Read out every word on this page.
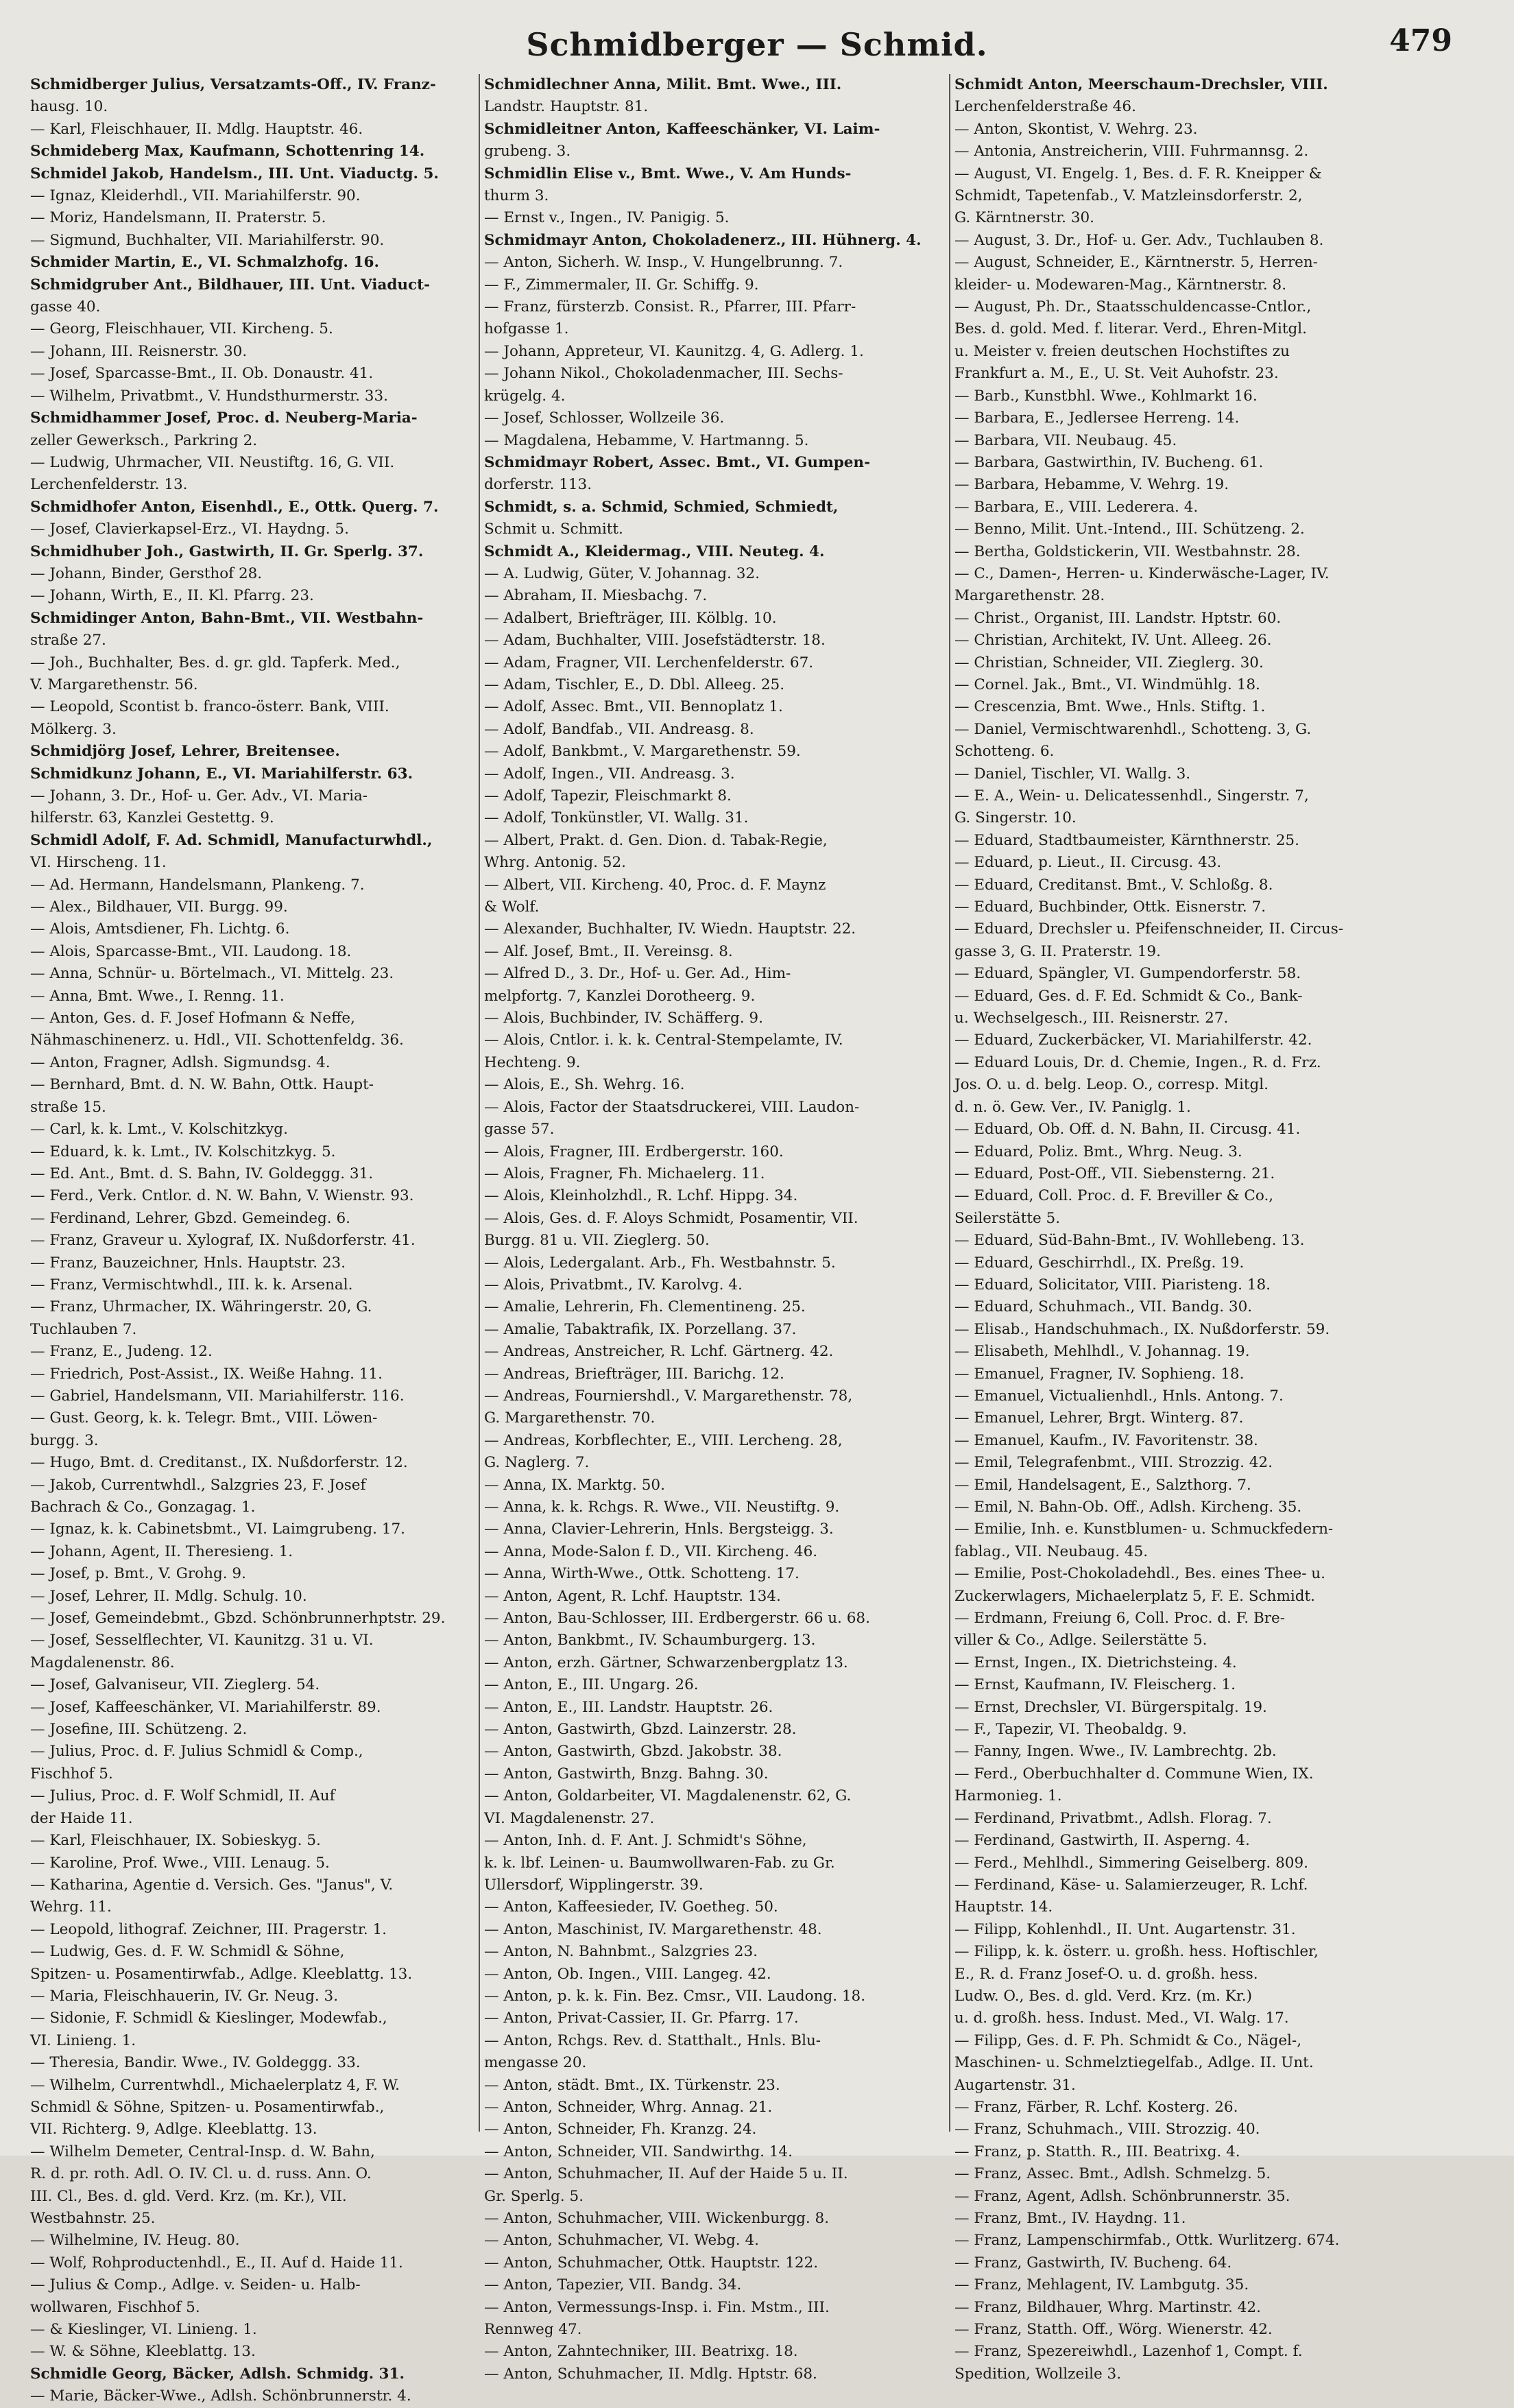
Schmidberger — Schmid.	479
Schmidberger Julius, Versatzamts-Off., IV. Franz-
hausg. 10.
— Karl, Fleischhauer, II. Mdlg. Hauptstr. 46.
Schmideberg Max, Kaufmann, Schottenring 14.
Schmidel Jakob, Handelsm., III. Unt. Viaductg. 5.
— Ignaz, Kleiderhdl., VII. Mariahilferstr. 90.
— Moriz, Handelsmann, II. Praterstr. 5.
— Sigmund, Buchhalter, VII. Mariahilferstr. 90.
Schmider Martin, E., VI. Schmalzhofg. 16.
Schmidgruber Ant., Bildhauer, III. Unt. Viaduct-
gasse 40.
— Georg, Fleischhauer, VII. Kircheng. 5.
— Johann, III. Reisnerstr. 30.
— Josef, Sparcasse-Bmt., II. Ob. Donaustr. 41.
— Wilhelm, Privatbmt., V. Hundsthurmerstr. 33.
Schmidhammer Josef, Proc. d. Neuberg-Maria-
zeller Gewerksch., Parkring 2.
— Ludwig, Uhrmacher, VII. Neustiftg. 16, G. VII.
Lerchenfelderstr. 13.
Schmidhofer Anton, Eisenhdl., E., Ottk. Querg. 7.
— Josef, Clavierkapsel-Erz., VI. Haydng. 5.
Schmidhuber Joh., Gastwirth, II. Gr. Sperlg. 37.
— Johann, Binder, Gersthof 28.
— Johann, Wirth, E., II. Kl. Pfarrg. 23.
Schmidinger Anton, Bahn-Bmt., VII. Westbahn-
straße 27.
— Joh., Buchhalter, Bes. d. gr. gld. Tapferk. Med.,
V. Margarethenstr. 56.
— Leopold, Scontist b. franco-österr. Bank, VIII.
Mölkerg. 3.
Schmidjörg Josef, Lehrer, Breitensee.
Schmidkunz Johann, E., VI. Mariahilferstr. 63.
— Johann, 3. Dr., Hof- u. Ger. Adv., VI. Maria-
hilferstr. 63, Kanzlei Gestettg. 9.
Schmidl Adolf, F. Ad. Schmidl, Manufacturwhdl.,
VI. Hirscheng. 11.
— Ad. Hermann, Handelsmann, Plankeng. 7.
— Alex., Bildhauer, VII. Burgg. 99.
— Alois, Amtsdiener, Fh. Lichtg. 6.
— Alois, Sparcasse-Bmt., VII. Laudong. 18.
— Anna, Schnür- u. Börtelmach., VI. Mittelg. 23.
— Anna, Bmt. Wwe., I. Renng. 11.
— Anton, Ges. d. F. Josef Hofmann & Neffe,
Nähmaschinenerz. u. Hdl., VII. Schottenfeldg. 36.
— Anton, Fragner, Adlsh. Sigmundsg. 4.
— Bernhard, Bmt. d. N. W. Bahn, Ottk. Haupt-
straße 15.
— Carl, k. k. Lmt., V. Kolschitzkyg.
— Eduard, k. k. Lmt., IV. Kolschitzkyg. 5.
— Ed. Ant., Bmt. d. S. Bahn, IV. Goldeggg. 31.
— Ferd., Verk. Cntlor. d. N. W. Bahn, V. Wienstr. 93.
— Ferdinand, Lehrer, Gbzd. Gemeindeg. 6.
— Franz, Graveur u. Xylograf, IX. Nußdorferstr. 41.
— Franz, Bauzeichner, Hnls. Hauptstr. 23.
— Franz, Vermischtwhdl., III. k. k. Arsenal.
— Franz, Uhrmacher, IX. Währingerstr. 20, G.
Tuchlauben 7.
— Franz, E., Judeng. 12.
— Friedrich, Post-Assist., IX. Weiße Hahng. 11.
— Gabriel, Handelsmann, VII. Mariahilferstr. 116.
— Gust. Georg, k. k. Telegr. Bmt., VIII. Löwen-
burgg. 3.
— Hugo, Bmt. d. Creditanst., IX. Nußdorferstr. 12.
— Jakob, Currentwhdl., Salzgries 23, F. Josef
Bachrach & Co., Gonzagag. 1.
— Ignaz, k. k. Cabinetsbmt., VI. Laimgrubeng. 17.
— Johann, Agent, II. Theresieng. 1.
— Josef, p. Bmt., V. Grohg. 9.
— Josef, Lehrer, II. Mdlg. Schulg. 10.
— Josef, Gemeindebmt., Gbzd. Schönbrunnerhptstr. 29.
— Josef, Sesselflechter, VI. Kaunitzg. 31 u. VI.
Magdalenenstr. 86.
— Josef, Galvaniseur, VII. Zieglerg. 54.
— Josef, Kaffeeschänker, VI. Mariahilferstr. 89.
— Josefine, III. Schützeng. 2.
— Julius, Proc. d. F. Julius Schmidl & Comp.,
Fischhof 5.
— Julius, Proc. d. F. Wolf Schmidl, II. Auf
der Haide 11.
— Karl, Fleischhauer, IX. Sobieskyg. 5.
— Karoline, Prof. Wwe., VIII. Lenaug. 5.
— Katharina, Agentie d. Versich. Ges. "Janus", V.
Wehrg. 11.
— Leopold, lithograf. Zeichner, III. Pragerstr. 1.
— Ludwig, Ges. d. F. W. Schmidl & Söhne,
Spitzen- u. Posamentirwfab., Adlge. Kleeblattg. 13.
— Maria, Fleischhauerin, IV. Gr. Neug. 3.
— Sidonie, F. Schmidl & Kieslinger, Modewfab.,
VI. Linieng. 1.
— Theresia, Bandir. Wwe., IV. Goldeggg. 33.
— Wilhelm, Currentwhdl., Michaelerplatz 4, F. W.
Schmidl & Söhne, Spitzen- u. Posamentirwfab.,
VII. Richterg. 9, Adlge. Kleeblattg. 13.
— Wilhelm Demeter, Central-Insp. d. W. Bahn,
R. d. pr. roth. Adl. O. IV. Cl. u. d. russ. Ann. O.
III. Cl., Bes. d. gld. Verd. Krz. (m. Kr.), VII.
Westbahnstr. 25.
— Wilhelmine, IV. Heug. 80.
— Wolf, Rohproductenhdl., E., II. Auf d. Haide 11.
— Julius & Comp., Adlge. v. Seiden- u. Halb-
wollwaren, Fischhof 5.
— & Kieslinger, VI. Linieng. 1.
— W. & Söhne, Kleeblattg. 13.
Schmidle Georg, Bäcker, Adlsh. Schmidg. 31.
— Marie, Bäcker-Wwe., Adlsh. Schönbrunnerstr. 4.
Schmidlechner Anna, Milit. Bmt. Wwe., III.
Landstr. Hauptstr. 81.
Schmidleitner Anton, Kaffeeschänker, VI. Laim-
grubeng. 3.
Schmidlin Elise v., Bmt. Wwe., V. Am Hunds-
thurm 3.
— Ernst v., Ingen., IV. Panigig. 5.
Schmidmayr Anton, Chokoladenerz., III. Hühnerg. 4.
— Anton, Sicherh. W. Insp., V. Hungelbrunng. 7.
— F., Zimmermaler, II. Gr. Schiffg. 9.
— Franz, fürsterzb. Consist. R., Pfarrer, III. Pfarr-
hofgasse 1.
— Johann, Appreteur, VI. Kaunitzg. 4, G. Adlerg. 1.
— Johann Nikol., Chokoladenmacher, III. Sechs-
krügelg. 4.
— Josef, Schlosser, Wollzeile 36.
— Magdalena, Hebamme, V. Hartmanng. 5.
Schmidmayr Robert, Assec. Bmt., VI. Gumpen-
dorferstr. 113.
Schmidt, s. a. Schmid, Schmied, Schmiedt,
Schmit u. Schmitt.
Schmidt A., Kleidermag., VIII. Neuteg. 4.
— A. Ludwig, Güter, V. Johannag. 32.
— Abraham, II. Miesbachg. 7.
— Adalbert, Briefträger, III. Kölblg. 10.
— Adam, Buchhalter, VIII. Josefstädterstr. 18.
— Adam, Fragner, VII. Lerchenfelderstr. 67.
— Adam, Tischler, E., D. Dbl. Alleeg. 25.
— Adolf, Assec. Bmt., VII. Bennoplatz 1.
— Adolf, Bandfab., VII. Andreasg. 8.
— Adolf, Bankbmt., V. Margarethenstr. 59.
— Adolf, Ingen., VII. Andreasg. 3.
— Adolf, Tapezir, Fleischmarkt 8.
— Adolf, Tonkünstler, VI. Wallg. 31.
— Albert, Prakt. d. Gen. Dion. d. Tabak-Regie,
Whrg. Antonig. 52.
— Albert, VII. Kircheng. 40, Proc. d. F. Maynz
& Wolf.
— Alexander, Buchhalter, IV. Wiedn. Hauptstr. 22.
— Alf. Josef, Bmt., II. Vereinsg. 8.
— Alfred D., 3. Dr., Hof- u. Ger. Ad., Him-
melpfortg. 7, Kanzlei Dorotheerg. 9.
— Alois, Buchbinder, IV. Schäfferg. 9.
— Alois, Cntlor. i. k. k. Central-Stempelamte, IV.
Hechteng. 9.
— Alois, E., Sh. Wehrg. 16.
— Alois, Factor der Staatsdruckerei, VIII. Laudon-
gasse 57.
— Alois, Fragner, III. Erdbergerstr. 160.
— Alois, Fragner, Fh. Michaelerg. 11.
— Alois, Kleinholzhdl., R. Lchf. Hippg. 34.
— Alois, Ges. d. F. Aloys Schmidt, Posamentir, VII.
Burgg. 81 u. VII. Zieglerg. 50.
— Alois, Ledergalant. Arb., Fh. Westbahnstr. 5.
— Alois, Privatbmt., IV. Karolvg. 4.
— Amalie, Lehrerin, Fh. Clementineng. 25.
— Amalie, Tabaktrafik, IX. Porzellang. 37.
— Andreas, Anstreicher, R. Lchf. Gärtnerg. 42.
— Andreas, Briefträger, III. Barichg. 12.
— Andreas, Fourniershdl., V. Margarethenstr. 78,
G. Margarethenstr. 70.
— Andreas, Korbflechter, E., VIII. Lercheng. 28,
G. Naglerg. 7.
— Anna, IX. Marktg. 50.
— Anna, k. k. Rchgs. R. Wwe., VII. Neustiftg. 9.
— Anna, Clavier-Lehrerin, Hnls. Bergsteigg. 3.
— Anna, Mode-Salon f. D., VII. Kircheng. 46.
— Anna, Wirth-Wwe., Ottk. Schotteng. 17.
— Anton, Agent, R. Lchf. Hauptstr. 134.
— Anton, Bau-Schlosser, III. Erdbergerstr. 66 u. 68.
— Anton, Bankbmt., IV. Schaumburgerg. 13.
— Anton, erzh. Gärtner, Schwarzenbergplatz 13.
— Anton, E., III. Ungarg. 26.
— Anton, E., III. Landstr. Hauptstr. 26.
— Anton, Gastwirth, Gbzd. Lainzerstr. 28.
— Anton, Gastwirth, Gbzd. Jakobstr. 38.
— Anton, Gastwirth, Bnzg. Bahng. 30.
— Anton, Goldarbeiter, VI. Magdalenenstr. 62, G.
VI. Magdalenenstr. 27.
— Anton, Inh. d. F. Ant. J. Schmidt's Söhne,
k. k. lbf. Leinen- u. Baumwollwaren-Fab. zu Gr.
Ullersdorf, Wipplingerstr. 39.
— Anton, Kaffeesieder, IV. Goetheg. 50.
— Anton, Maschinist, IV. Margarethenstr. 48.
— Anton, N. Bahnbmt., Salzgries 23.
— Anton, Ob. Ingen., VIII. Langeg. 42.
— Anton, p. k. k. Fin. Bez. Cmsr., VII. Laudong. 18.
— Anton, Privat-Cassier, II. Gr. Pfarrg. 17.
— Anton, Rchgs. Rev. d. Statthalt., Hnls. Blu-
mengasse 20.
— Anton, städt. Bmt., IX. Türkenstr. 23.
— Anton, Schneider, Whrg. Annag. 21.
— Anton, Schneider, Fh. Kranzg. 24.
— Anton, Schneider, VII. Sandwirthg. 14.
— Anton, Schuhmacher, II. Auf der Haide 5 u. II.
Gr. Sperlg. 5.
— Anton, Schuhmacher, VIII. Wickenburgg. 8.
— Anton, Schuhmacher, VI. Webg. 4.
— Anton, Schuhmacher, Ottk. Hauptstr. 122.
— Anton, Tapezier, VII. Bandg. 34.
— Anton, Vermessungs-Insp. i. Fin. Mstm., III.
Rennweg 47.
— Anton, Zahntechniker, III. Beatrixg. 18.
— Anton, Schuhmacher, II. Mdlg. Hptstr. 68.
Schmidt Anton, Meerschaum-Drechsler, VIII.
Lerchenfelderstraße 46.
— Anton, Skontist, V. Wehrg. 23.
— Antonia, Anstreicherin, VIII. Fuhrmannsg. 2.
— August, VI. Engelg. 1, Bes. d. F. R. Kneipper &
Schmidt, Tapetenfab., V. Matzleinsdorferstr. 2,
G. Kärntnerstr. 30.
— August, 3. Dr., Hof- u. Ger. Adv., Tuchlauben 8.
— August, Schneider, E., Kärntnerstr. 5, Herren-
kleider- u. Modewaren-Mag., Kärntnerstr. 8.
— August, Ph. Dr., Staatsschuldencasse-Cntlor.,
Bes. d. gold. Med. f. literar. Verd., Ehren-Mitgl.
u. Meister v. freien deutschen Hochstiftes zu
Frankfurt a. M., E., U. St. Veit Auhofstr. 23.
— Barb., Kunstbhl. Wwe., Kohlmarkt 16.
— Barbara, E., Jedlersee Herreng. 14.
— Barbara, VII. Neubaug. 45.
— Barbara, Gastwirthin, IV. Bucheng. 61.
— Barbara, Hebamme, V. Wehrg. 19.
— Barbara, E., VIII. Lederera. 4.
— Benno, Milit. Unt.-Intend., III. Schützeng. 2.
— Bertha, Goldstickerin, VII. Westbahnstr. 28.
— C., Damen-, Herren- u. Kinderwäsche-Lager, IV.
Margarethenstr. 28.
— Christ., Organist, III. Landstr. Hptstr. 60.
— Christian, Architekt, IV. Unt. Alleeg. 26.
— Christian, Schneider, VII. Zieglerg. 30.
— Cornel. Jak., Bmt., VI. Windmühlg. 18.
— Crescenzia, Bmt. Wwe., Hnls. Stiftg. 1.
— Daniel, Vermischtwarenhdl., Schotteng. 3, G.
Schotteng. 6.
— Daniel, Tischler, VI. Wallg. 3.
— E. A., Wein- u. Delicatessenhdl., Singerstr. 7,
G. Singerstr. 10.
— Eduard, Stadtbaumeister, Kärnthnerstr. 25.
— Eduard, p. Lieut., II. Circusg. 43.
— Eduard, Creditanst. Bmt., V. Schloßg. 8.
— Eduard, Buchbinder, Ottk. Eisnerstr. 7.
— Eduard, Drechsler u. Pfeifenschneider, II. Circus-
gasse 3, G. II. Praterstr. 19.
— Eduard, Spängler, VI. Gumpendorferstr. 58.
— Eduard, Ges. d. F. Ed. Schmidt & Co., Bank-
u. Wechselgesch., III. Reisnerstr. 27.
— Eduard, Zuckerbäcker, VI. Mariahilferstr. 42.
— Eduard Louis, Dr. d. Chemie, Ingen., R. d. Frz.
Jos. O. u. d. belg. Leop. O., corresp. Mitgl.
d. n. ö. Gew. Ver., IV. Paniglg. 1.
— Eduard, Ob. Off. d. N. Bahn, II. Circusg. 41.
— Eduard, Poliz. Bmt., Whrg. Neug. 3.
— Eduard, Post-Off., VII. Siebensterng. 21.
— Eduard, Coll. Proc. d. F. Breviller & Co.,
Seilerstätte 5.
— Eduard, Süd-Bahn-Bmt., IV. Wohllebeng. 13.
— Eduard, Geschirrhdl., IX. Preßg. 19.
— Eduard, Solicitator, VIII. Piaristeng. 18.
— Eduard, Schuhmach., VII. Bandg. 30.
— Elisab., Handschuhmach., IX. Nußdorferstr. 59.
— Elisabeth, Mehlhdl., V. Johannag. 19.
— Emanuel, Fragner, IV. Sophieng. 18.
— Emanuel, Victualienhdl., Hnls. Antong. 7.
— Emanuel, Lehrer, Brgt. Winterg. 87.
— Emanuel, Kaufm., IV. Favoritenstr. 38.
— Emil, Telegrafenbmt., VIII. Strozzig. 42.
— Emil, Handelsagent, E., Salzthorg. 7.
— Emil, N. Bahn-Ob. Off., Adlsh. Kircheng. 35.
— Emilie, Inh. e. Kunstblumen- u. Schmuckfedern-
fablag., VII. Neubaug. 45.
— Emilie, Post-Chokoladehdl., Bes. eines Thee- u.
Zuckerwlagers, Michaelerplatz 5, F. E. Schmidt.
— Erdmann, Freiung 6, Coll. Proc. d. F. Bre-
viller & Co., Adlge. Seilerstätte 5.
— Ernst, Ingen., IX. Dietrichsteing. 4.
— Ernst, Kaufmann, IV. Fleischerg. 1.
— Ernst, Drechsler, VI. Bürgerspitalg. 19.
— F., Tapezir, VI. Theobaldg. 9.
— Fanny, Ingen. Wwe., IV. Lambrechtg. 2b.
— Ferd., Oberbuchhalter d. Commune Wien, IX.
Harmonieg. 1.
— Ferdinand, Privatbmt., Adlsh. Florag. 7.
— Ferdinand, Gastwirth, II. Asperng. 4.
— Ferd., Mehlhdl., Simmering Geiselberg. 809.
— Ferdinand, Käse- u. Salamierzeuger, R. Lchf.
Hauptstr. 14.
— Filipp, Kohlenhdl., II. Unt. Augartenstr. 31.
— Filipp, k. k. österr. u. großh. hess. Hoftischler,
E., R. d. Franz Josef-O. u. d. großh. hess.
Ludw. O., Bes. d. gld. Verd. Krz. (m. Kr.)
u. d. großh. hess. Indust. Med., VI. Walg. 17.
— Filipp, Ges. d. F. Ph. Schmidt & Co., Nägel-,
Maschinen- u. Schmelztiegelfab., Adlge. II. Unt.
Augartenstr. 31.
— Franz, Färber, R. Lchf. Kosterg. 26.
— Franz, Schuhmach., VIII. Strozzig. 40.
— Franz, p. Statth. R., III. Beatrixg. 4.
— Franz, Assec. Bmt., Adlsh. Schmelzg. 5.
— Franz, Agent, Adlsh. Schönbrunnerstr. 35.
— Franz, Bmt., IV. Haydng. 11.
— Franz, Lampenschirmfab., Ottk. Wurlitzerg. 674.
— Franz, Gastwirth, IV. Bucheng. 64.
— Franz, Mehlagent, IV. Lambgutg. 35.
— Franz, Bildhauer, Whrg. Martinstr. 42.
— Franz, Statth. Off., Wörg. Wienerstr. 42.
— Franz, Spezereiwhdl., Lazenhof 1, Compt. f.
Spedition, Wollzeile 3.
